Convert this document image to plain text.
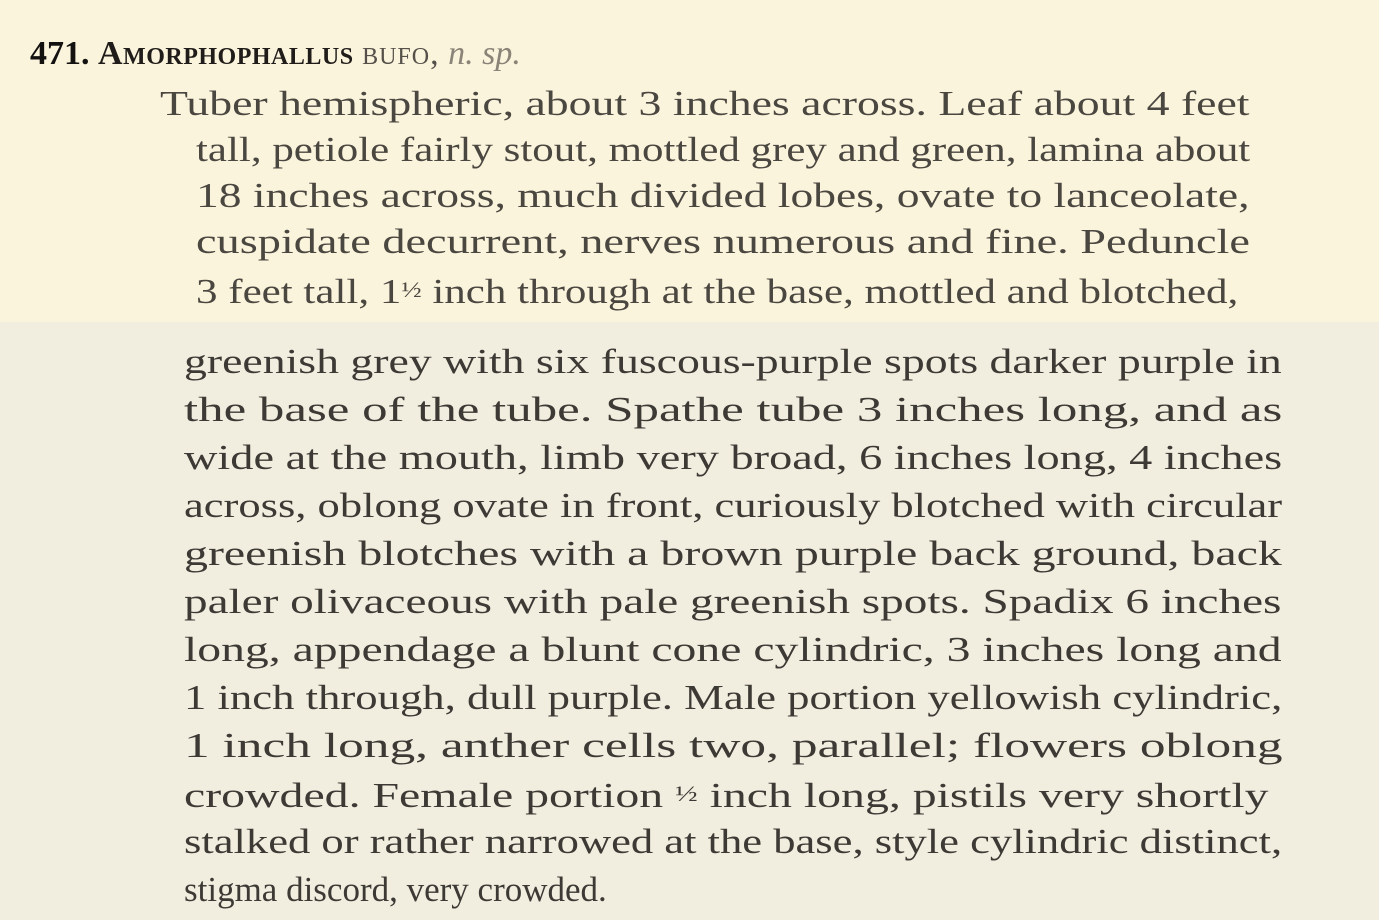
471. Amorphophallus bufo, n. sp.
Tuber hemispheric, about 3 inches across. Leaf about 4 feet
tall, petiole fairly stout, mottled grey and green, lamina about
18 inches across, much divided lobes, ovate to lanceolate,
cuspidate decurrent, nerves numerous and fine. Peduncle
3 feet tall, 1½ inch through at the base, mottled and blotched,
greenish grey with six fuscous-purple spots darker purple in
the base of the tube. Spathe tube 3 inches long, and as
wide at the mouth, limb very broad, 6 inches long, 4 inches
across, oblong ovate in front, curiously blotched with circular
greenish blotches with a brown purple back ground, back
paler olivaceous with pale greenish spots. Spadix 6 inches
long, appendage a blunt cone cylindric, 3 inches long and
1 inch through, dull purple. Male portion yellowish cylindric,
1 inch long, anther cells two, parallel; flowers oblong
crowded. Female portion ½ inch long, pistils very shortly
stalked or rather narrowed at the base, style cylindric distinct,
stigma discord, very crowded.
